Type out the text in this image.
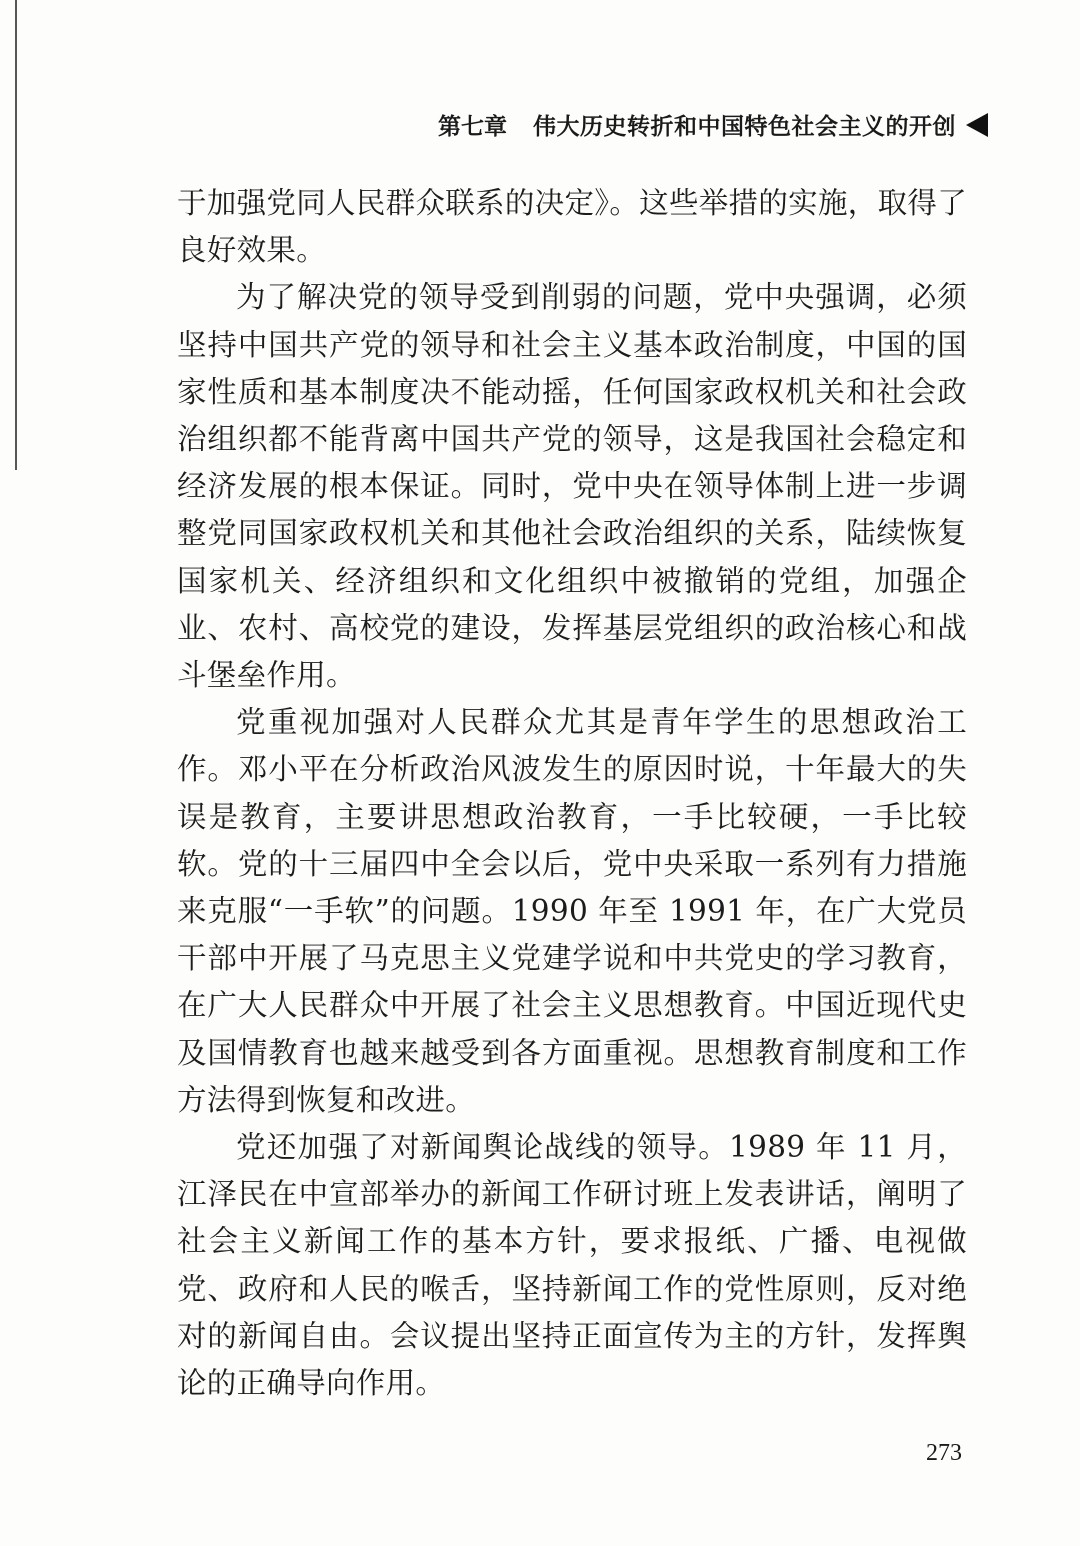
第七章 伟大历史转折和中国特色社会主义的开创

于加强党同人民群众联系的决定》。这些举措的实施，取得了良好效果。

为了解决党的领导受到削弱的问题，党中央强调，必须坚持中国共产党的领导和社会主义基本政治制度，中国的国家性质和基本制度决不能动摇，任何国家政权机关和社会政治组织都不能背离中国共产党的领导，这是我国社会稳定和经济发展的根本保证。同时，党中央在领导体制上进一步调整党同国家政权机关和其他社会政治组织的关系，陆续恢复国家机关、经济组织和文化组织中被撤销的党组，加强企业、农村、高校党的建设，发挥基层党组织的政治核心和战斗堡垒作用。

党重视加强对人民群众尤其是青年学生的思想政治工作。邓小平在分析政治风波发生的原因时说，十年最大的失误是教育，主要讲思想政治教育，一手比较硬，一手比较软。党的十三届四中全会以后，党中央采取一系列有力措施来克服“一手软”的问题。1990 年至 1991 年，在广大党员干部中开展了马克思主义党建学说和中共党史的学习教育，在广大人民群众中开展了社会主义思想教育。中国近现代史及国情教育也越来越受到各方面重视。思想教育制度和工作方法得到恢复和改进。

党还加强了对新闻舆论战线的领导。1989 年 11 月，江泽民在中宣部举办的新闻工作研讨班上发表讲话，阐明了社会主义新闻工作的基本方针，要求报纸、广播、电视做党、政府和人民的喉舌，坚持新闻工作的党性原则，反对绝对的新闻自由。会议提出坚持正面宣传为主的方针，发挥舆论的正确导向作用。

273
